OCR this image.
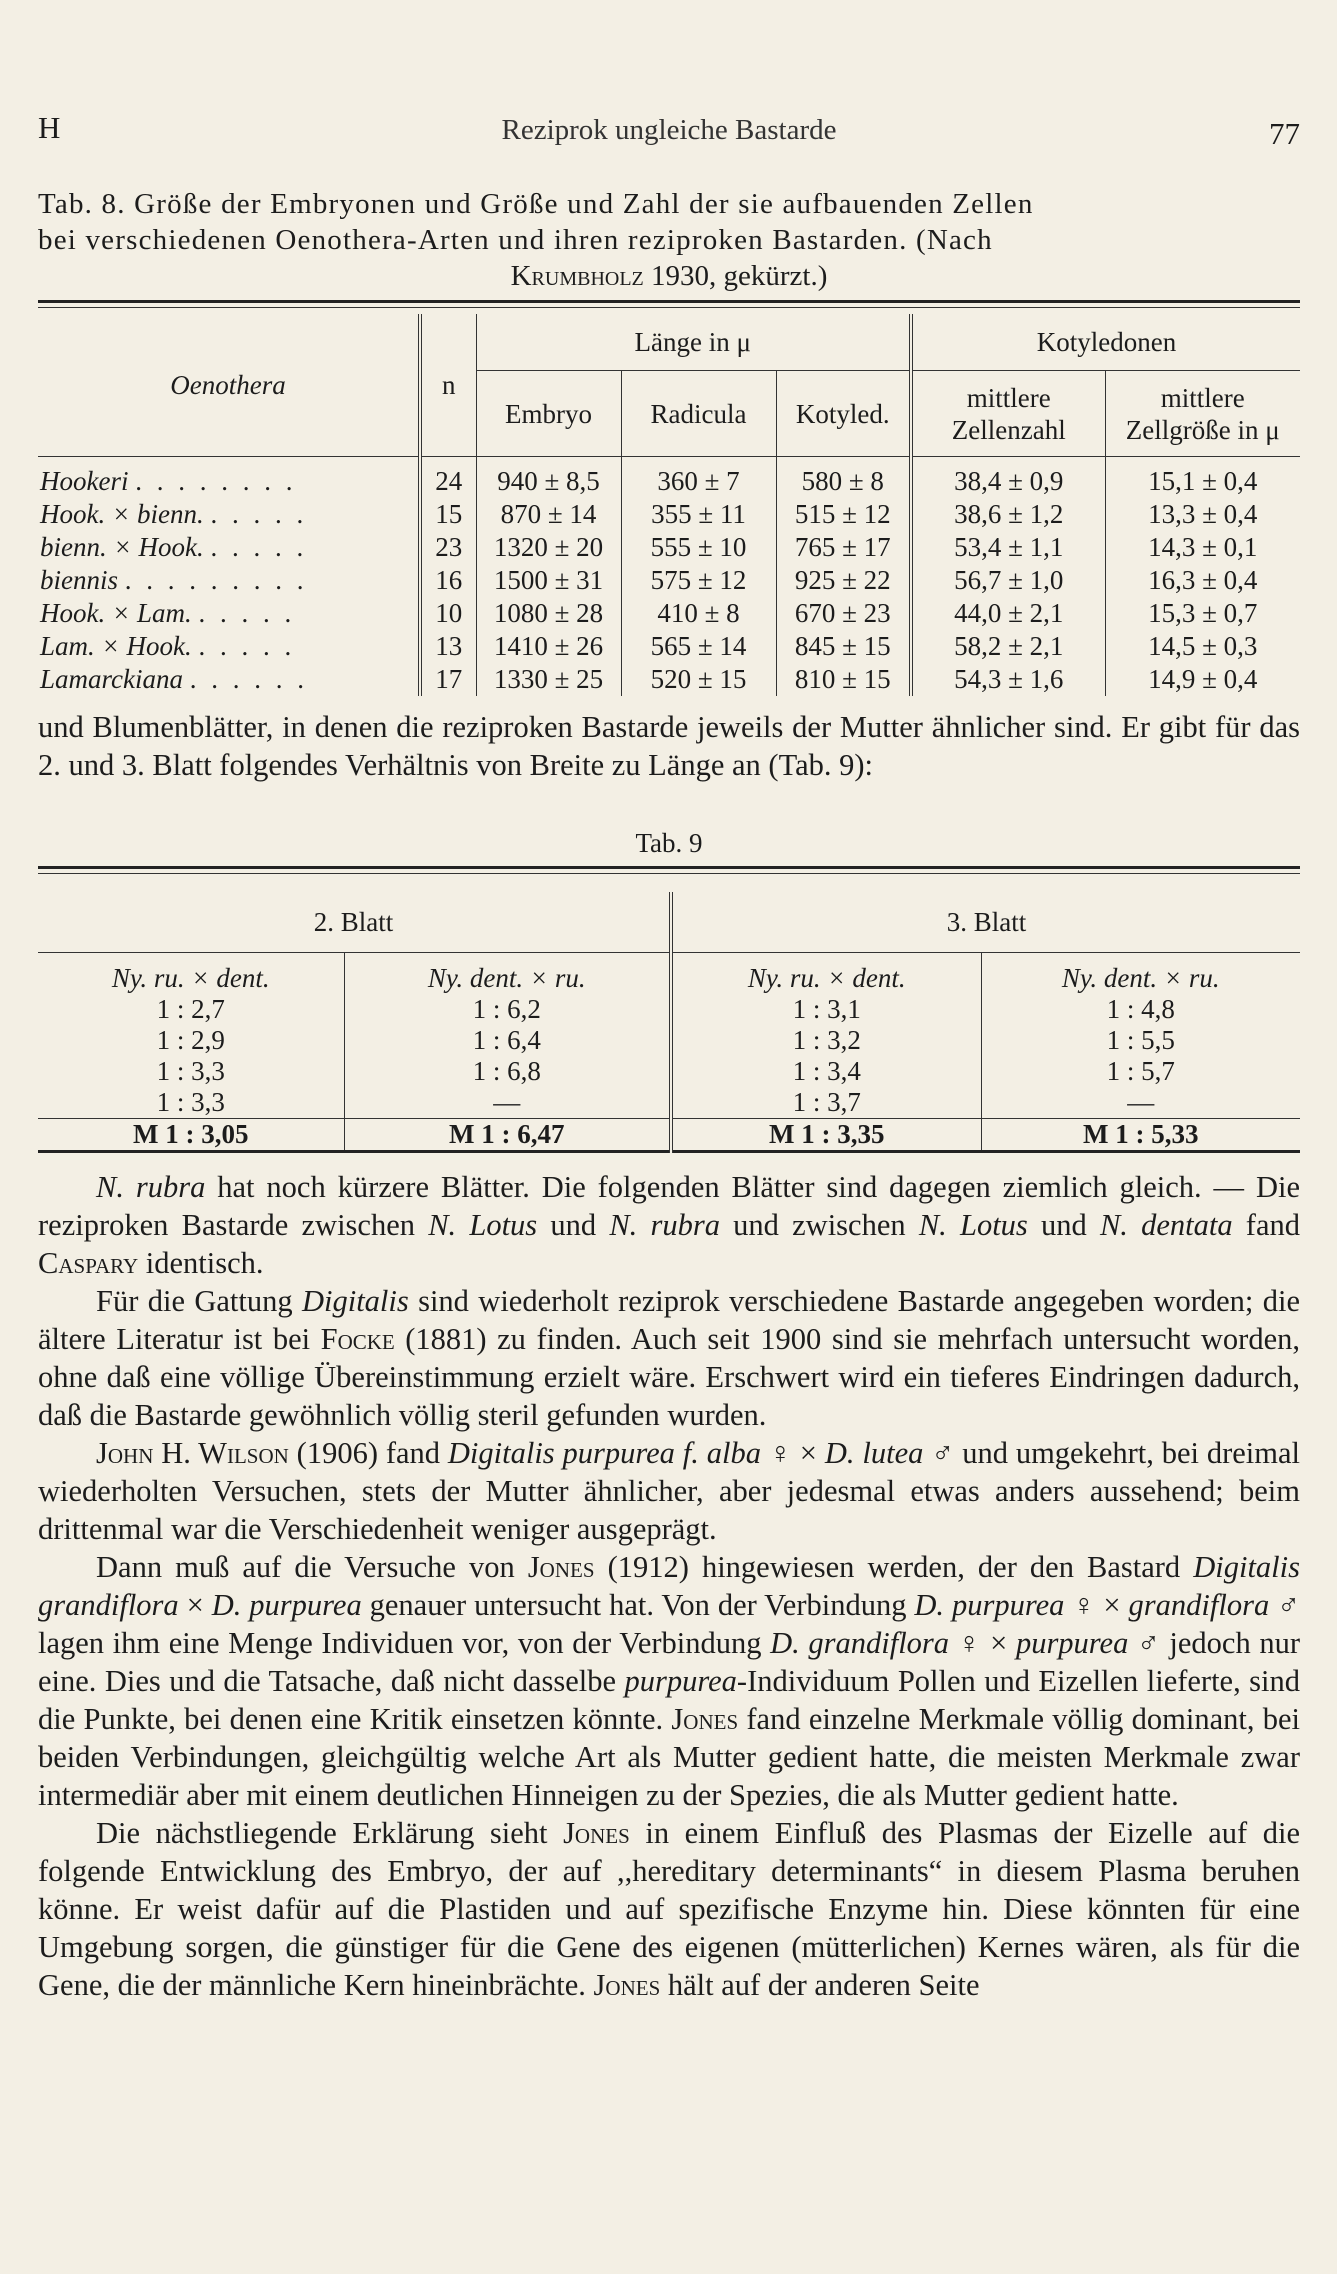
H	Reziprok ungleiche Bastarde	77
Tab. 8. Größe der Embryonen und Größe und Zahl der sie aufbauenden Zellen
bei verschiedenen Oenothera-Arten und ihren reziproken Bastarden. (Nach
Krumbholz 1930, gekürzt.)
Oenothera	n	Länge in μ			Kotyledonen	
		Embryo	Radicula	Kotyled.	mittlere Zellenzahl	mittlere Zellgröße in μ
Hookeri . . . . . . . .	24	940 ± 8,5	360 ± 7	580 ± 8	38,4 ± 0,9	15,1 ± 0,4
Hook. × bienn. . . . . .	15	870 ± 14	355 ± 11	515 ± 12	38,6 ± 1,2	13,3 ± 0,4
bienn. × Hook. . . . . .	23	1320 ± 20	555 ± 10	765 ± 17	53,4 ± 1,1	14,3 ± 0,1
biennis . . . . . . . . .	16	1500 ± 31	575 ± 12	925 ± 22	56,7 ± 1,0	16,3 ± 0,4
Hook. × Lam. . . . . .	10	1080 ± 28	410 ± 8	670 ± 23	44,0 ± 2,1	15,3 ± 0,7
Lam. × Hook. . . . . .	13	1410 ± 26	565 ± 14	845 ± 15	58,2 ± 2,1	14,5 ± 0,3
Lamarckiana . . . . . .	17	1330 ± 25	520 ± 15	810 ± 15	54,3 ± 1,6	14,9 ± 0,4

und Blumenblätter, in denen die reziproken Bastarde jeweils der Mutter ähnlicher sind. Er gibt für das 2. und 3. Blatt folgendes Verhältnis von Breite zu Länge an (Tab. 9):

Tab. 9
2. Blatt		3. Blatt	
Ny. ru. × dent.	Ny. dent. × ru.	Ny. ru. × dent.	Ny. dent. × ru.
1 : 2,7	1 : 6,2	1 : 3,1	1 : 4,8
1 : 2,9	1 : 6,4	1 : 3,2	1 : 5,5
1 : 3,3	1 : 6,8	1 : 3,4	1 : 5,7
1 : 3,3	—	1 : 3,7	—
M 1 : 3,05	M 1 : 6,47	M 1 : 3,35	M 1 : 5,33

N. rubra hat noch kürzere Blätter. Die folgenden Blätter sind dagegen ziemlich gleich. — Die reziproken Bastarde zwischen N. Lotus und N. rubra und zwischen N. Lotus und N. dentata fand Caspary identisch.

Für die Gattung Digitalis sind wiederholt reziprok verschiedene Bastarde angegeben worden; die ältere Literatur ist bei Focke (1881) zu finden. Auch seit 1900 sind sie mehrfach untersucht worden, ohne daß eine völlige Übereinstimmung erzielt wäre. Erschwert wird ein tieferes Eindringen dadurch, daß die Bastarde gewöhnlich völlig steril gefunden wurden.

John H. Wilson (1906) fand Digitalis purpurea f. alba ♀ × D. lutea ♂ und umgekehrt, bei dreimal wiederholten Versuchen, stets der Mutter ähnlicher, aber jedesmal etwas anders aussehend; beim drittenmal war die Verschiedenheit weniger ausgeprägt.

Dann muß auf die Versuche von Jones (1912) hingewiesen werden, der den Bastard Digitalis grandiflora × D. purpurea genauer untersucht hat. Von der Verbindung D. purpurea ♀ × grandiflora ♂ lagen ihm eine Menge Individuen vor, von der Verbindung D. grandiflora ♀ × purpurea ♂ jedoch nur eine. Dies und die Tatsache, daß nicht dasselbe purpurea-Individuum Pollen und Eizellen lieferte, sind die Punkte, bei denen eine Kritik einsetzen könnte. Jones fand einzelne Merkmale völlig dominant, bei beiden Verbindungen, gleichgültig welche Art als Mutter gedient hatte, die meisten Merkmale zwar intermediär aber mit einem deutlichen Hinneigen zu der Spezies, die als Mutter gedient hatte.

Die nächstliegende Erklärung sieht Jones in einem Einfluß des Plasmas der Eizelle auf die folgende Entwicklung des Embryo, der auf ,,hereditary determinants“ in diesem Plasma beruhen könne. Er weist dafür auf die Plastiden und auf spezifische Enzyme hin. Diese könnten für eine Umgebung sorgen, die günstiger für die Gene des eigenen (mütterlichen) Kernes wären, als für die Gene, die der männliche Kern hineinbrächte. Jones hält auf der anderen Seite
